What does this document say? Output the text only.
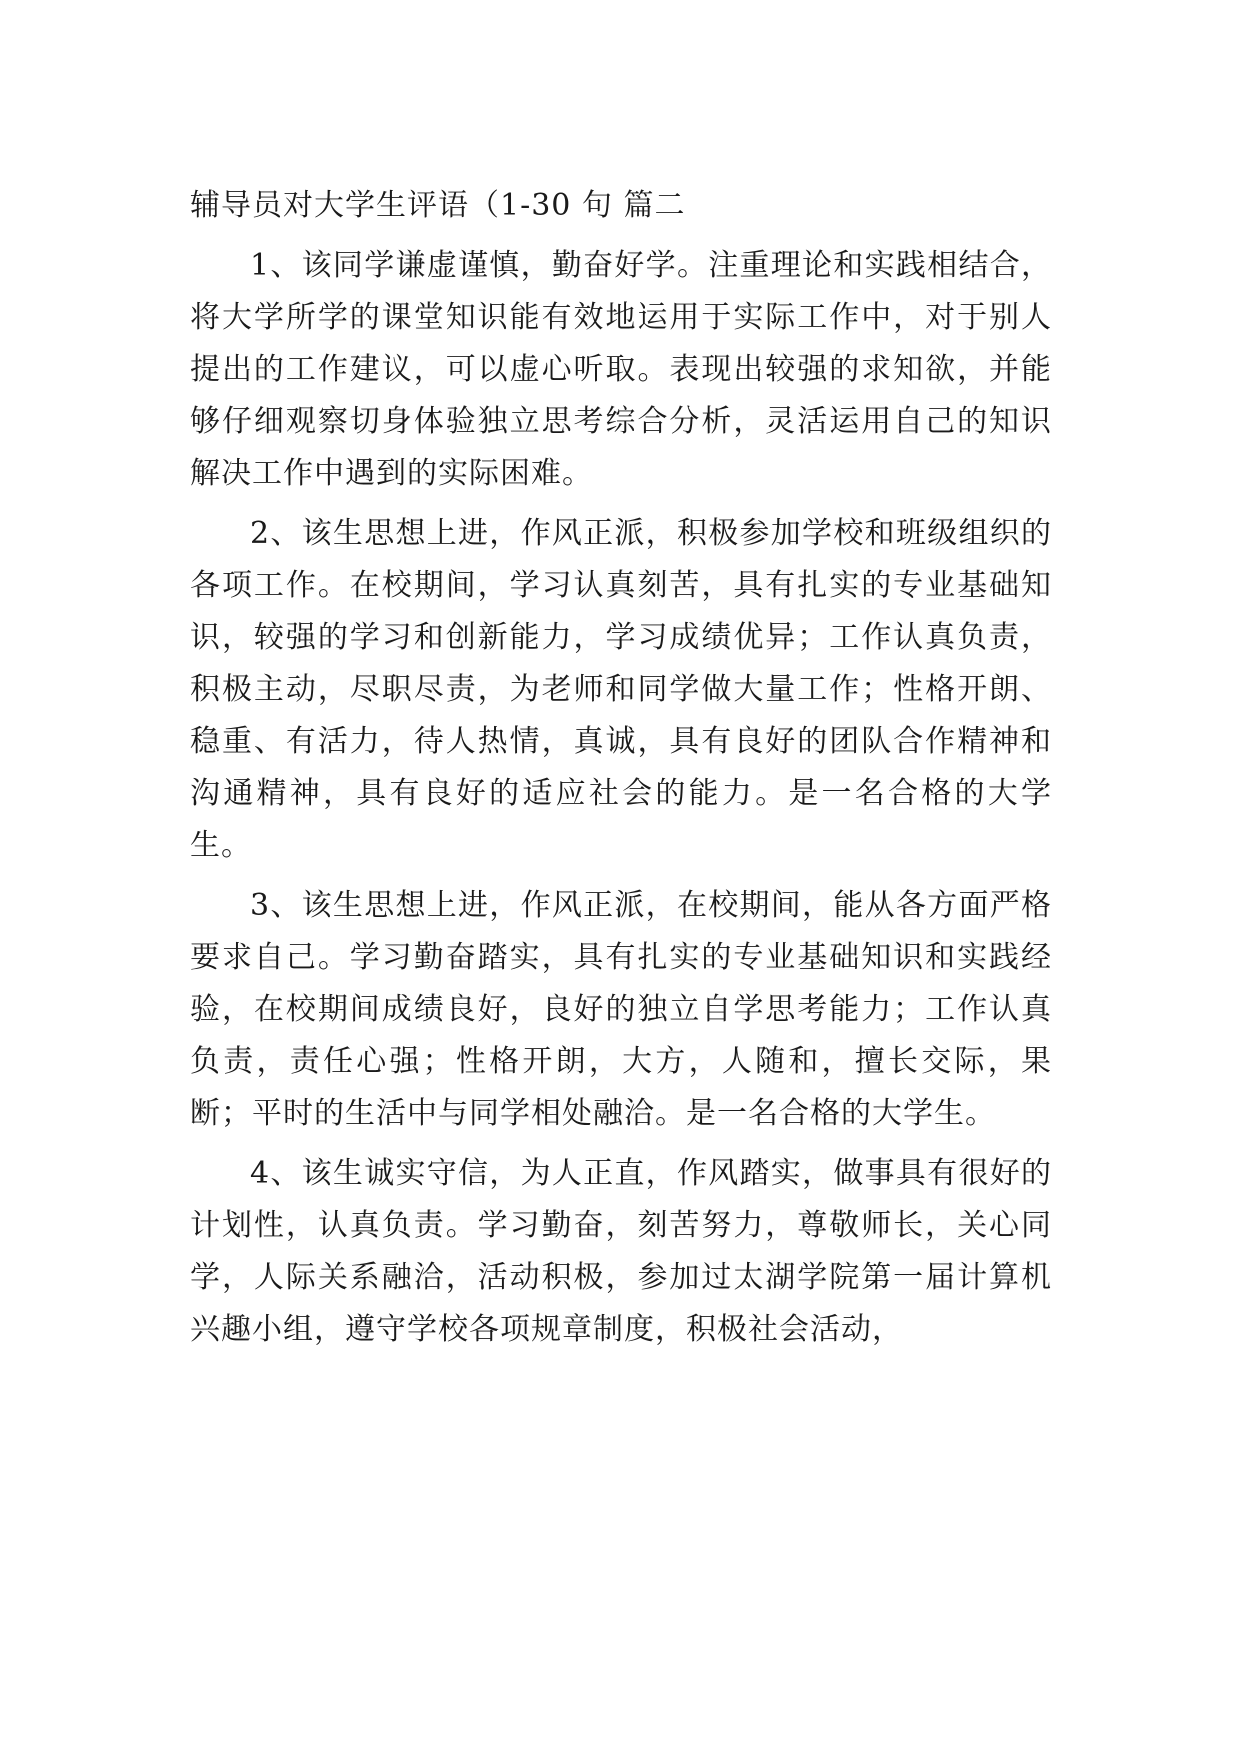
辅导员对大学生评语（1-30 句 篇二

1、该同学谦虚谨慎，勤奋好学。注重理论和实践相结合，将大学所学的课堂知识能有效地运用于实际工作中，对于别人提出的工作建议，可以虚心听取。表现出较强的求知欲，并能够仔细观察切身体验独立思考综合分析，灵活运用自己的知识解决工作中遇到的实际困难。

2、该生思想上进，作风正派，积极参加学校和班级组织的各项工作。在校期间，学习认真刻苦，具有扎实的专业基础知识，较强的学习和创新能力，学习成绩优异；工作认真负责，积极主动，尽职尽责，为老师和同学做大量工作；性格开朗、稳重、有活力，待人热情，真诚，具有良好的团队合作精神和沟通精神，具有良好的适应社会的能力。是一名合格的大学生。

3、该生思想上进，作风正派，在校期间，能从各方面严格要求自己。学习勤奋踏实，具有扎实的专业基础知识和实践经验，在校期间成绩良好，良好的独立自学思考能力；工作认真负责，责任心强；性格开朗，大方，人随和，擅长交际，果断；平时的生活中与同学相处融洽。是一名合格的大学生。

4、该生诚实守信，为人正直，作风踏实，做事具有很好的计划性，认真负责。学习勤奋，刻苦努力，尊敬师长，关心同学，人际关系融洽，活动积极，参加过太湖学院第一届计算机兴趣小组，遵守学校各项规章制度，积极社会活动，
